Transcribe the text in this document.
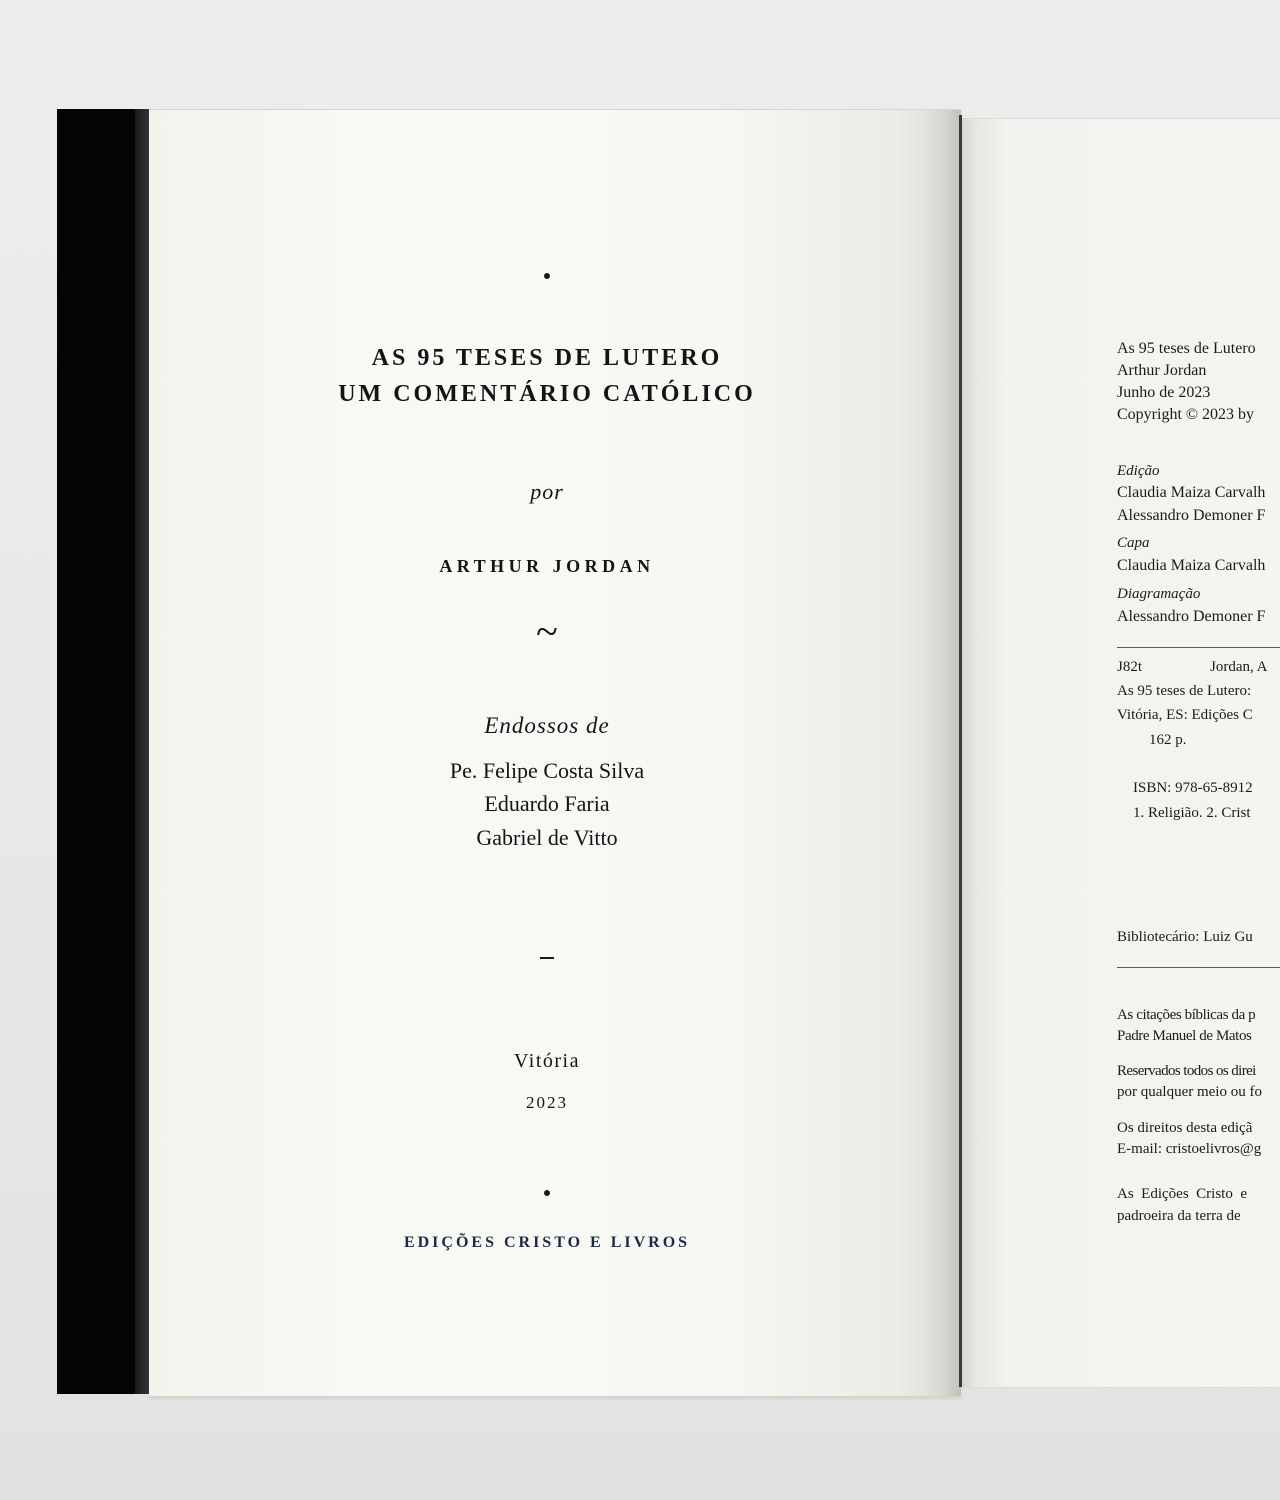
AS 95 TESES DE LUTERO
UM COMENTÁRIO CATÓLICO
por
ARTHUR JORDAN
~
Endossos de
Pe. Felipe Costa Silva
Eduardo Faria
Gabriel de Vitto
Vitória
2023
EDIÇÕES CRISTO E LIVROS
As 95 teses de Lutero
Arthur Jordan
Junho de 2023
Copyright © 2023 by
Edição
Claudia Maiza Carvalh
Alessandro Demoner F
Capa
Claudia Maiza Carvalh
Diagramação
Alessandro Demoner F
J82t	Jordan, A
As 95 teses de Lutero:
Vitória, ES: Edições C
162 p.
ISBN: 978-65-8912
1. Religião. 2. Crist
Bibliotecário: Luiz Gu
As citações bíblicas da p
Padre Manuel de Matos
Reservados todos os direi
por qualquer meio ou fo
Os direitos desta ediçã
E-mail: cristoelivros@g
As  Edições  Cristo  e
padroeira da terra de
